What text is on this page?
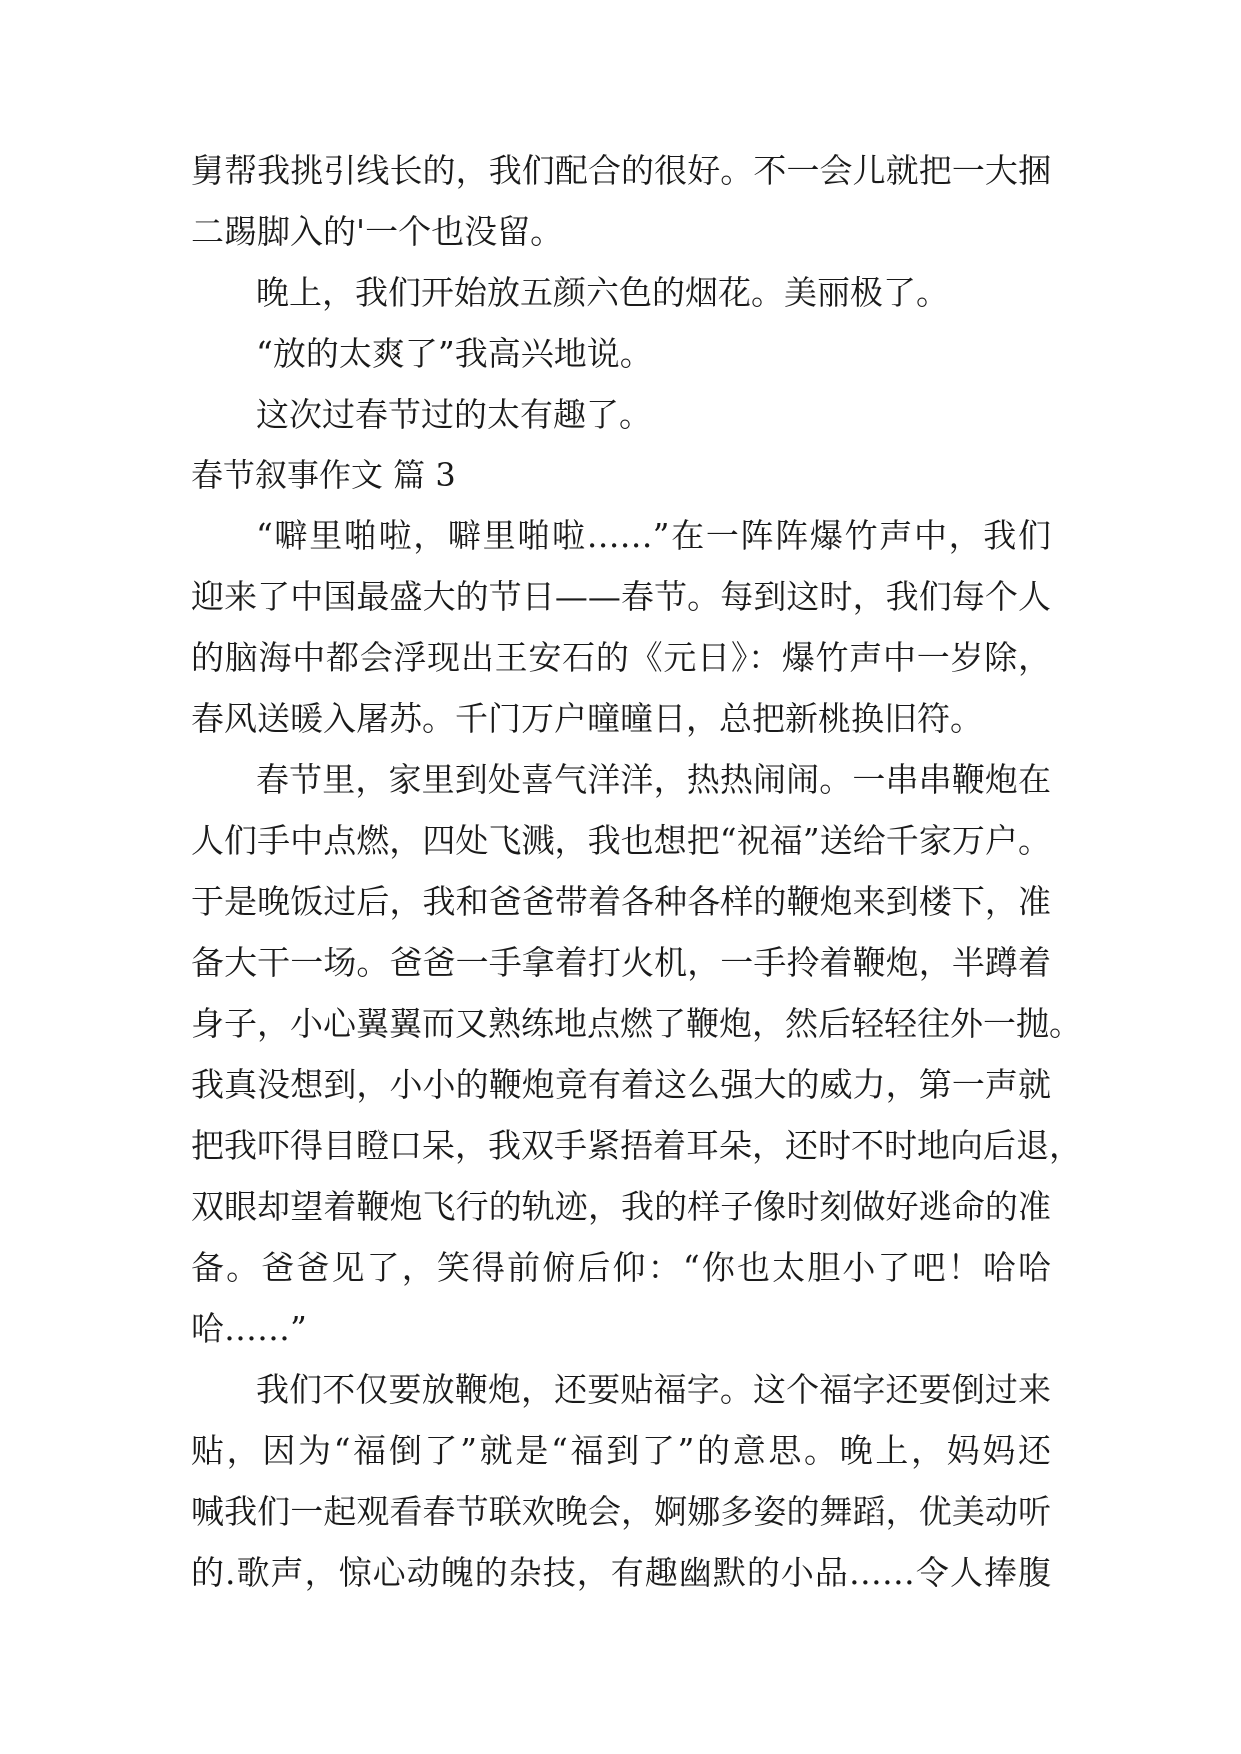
舅帮我挑引线长的，我们配合的很好。不一会儿就把一大捆
二踢脚入的'一个也没留。
晚上，我们开始放五颜六色的烟花。美丽极了。
“放的太爽了”我高兴地说。
这次过春节过的太有趣了。
春节叙事作文 篇 3
“噼里啪啦，噼里啪啦……”在一阵阵爆竹声中，我们
迎来了中国最盛大的节日——春节。每到这时，我们每个人
的脑海中都会浮现出王安石的《元日》：爆竹声中一岁除，
春风送暖入屠苏。千门万户曈曈日，总把新桃换旧符。
春节里，家里到处喜气洋洋，热热闹闹。一串串鞭炮在
人们手中点燃，四处飞溅，我也想把“祝福”送给千家万户。
于是晚饭过后，我和爸爸带着各种各样的鞭炮来到楼下，准
备大干一场。爸爸一手拿着打火机，一手拎着鞭炮，半蹲着
身子，小心翼翼而又熟练地点燃了鞭炮，然后轻轻往外一抛。
我真没想到，小小的鞭炮竟有着这么强大的威力，第一声就
把我吓得目瞪口呆，我双手紧捂着耳朵，还时不时地向后退，
双眼却望着鞭炮飞行的轨迹，我的样子像时刻做好逃命的准
备。爸爸见了，笑得前俯后仰：“你也太胆小了吧！哈哈
哈……”
我们不仅要放鞭炮，还要贴福字。这个福字还要倒过来
贴，因为“福倒了”就是“福到了”的意思。晚上，妈妈还
喊我们一起观看春节联欢晚会，婀娜多姿的舞蹈，优美动听
的.歌声，惊心动魄的杂技，有趣幽默的小品……令人捧腹
